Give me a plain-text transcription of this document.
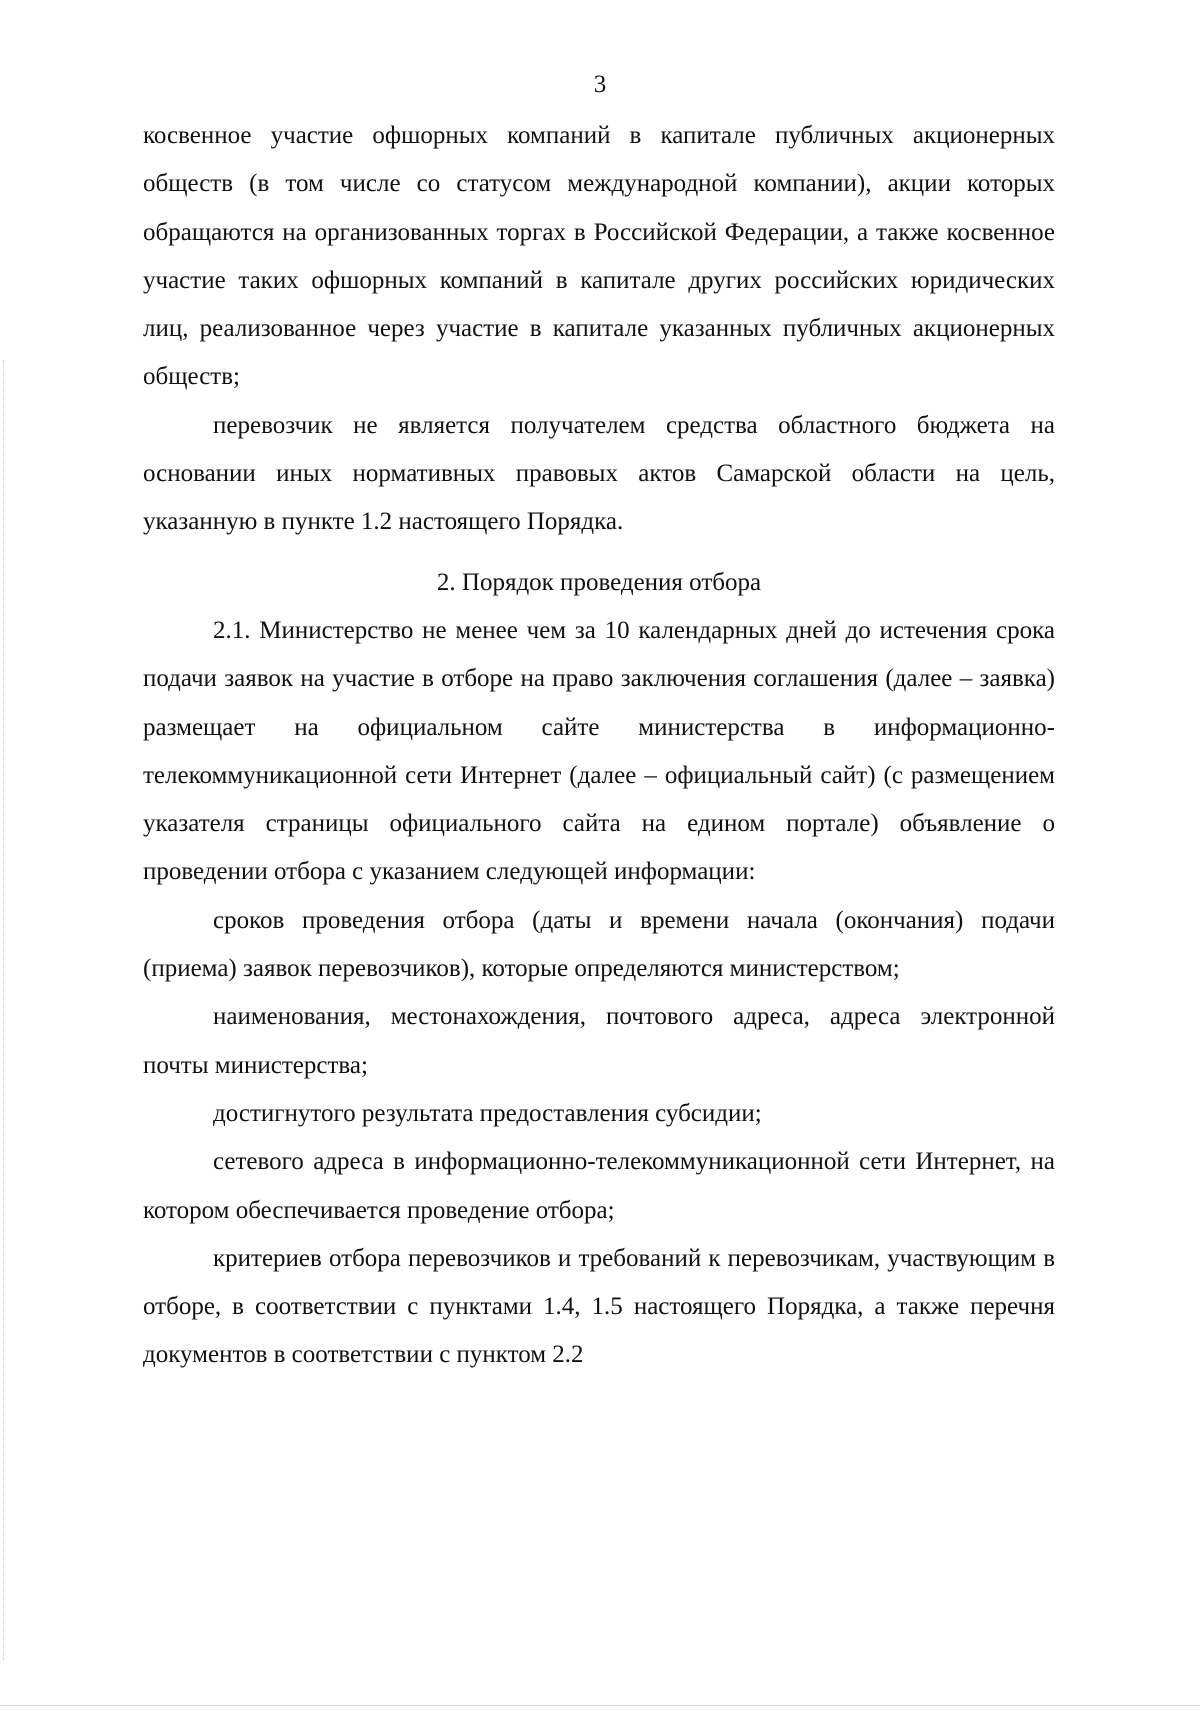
3

косвенное участие офшорных компаний в капитале публичных акционерных обществ (в том числе со статусом международной компании), акции которых обращаются на организованных торгах в Российской Федерации, а также косвенное участие таких офшорных компаний в капитале других российских юридических лиц, реализованное через участие в капитале указанных публичных акционерных обществ;

перевозчик не является получателем средства областного бюджета на основании иных нормативных правовых актов Самарской области на цель, указанную в пункте 1.2 настоящего Порядка.

2. Порядок проведения отбора

2.1. Министерство не менее чем за 10 календарных дней до истечения срока подачи заявок на участие в отборе на право заключения соглашения (далее – заявка) размещает на официальном сайте министерства в информационно-телекоммуникационной сети Интернет (далее – официальный сайт) (с размещением указателя страницы официального сайта на едином портале) объявление о проведении отбора с указанием следующей информации:

сроков проведения отбора (даты и времени начала (окончания) подачи (приема) заявок перевозчиков), которые определяются министерством;

наименования, местонахождения, почтового адреса, адреса электронной почты министерства;

достигнутого результата предоставления субсидии;

сетевого адреса в информационно-телекоммуникационной сети Интернет, на котором обеспечивается проведение отбора;

критериев отбора перевозчиков и требований к перевозчикам, участвующим в отборе, в соответствии с пунктами 1.4, 1.5 настоящего Порядка, а также перечня документов в соответствии с пунктом 2.2
